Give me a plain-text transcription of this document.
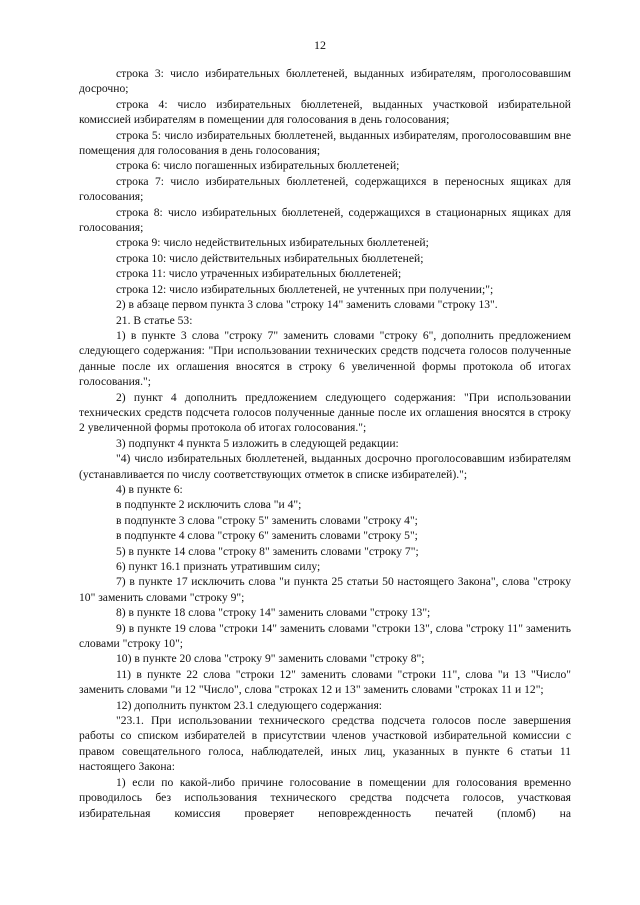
12

строка 3: число избирательных бюллетеней, выданных избирателям, проголосовавшим досрочно;

строка 4: число избирательных бюллетеней, выданных участковой избирательной комиссией избирателям в помещении для голосования в день голосования;

строка 5: число избирательных бюллетеней, выданных избирателям, проголосовавшим вне помещения для голосования в день голосования;

строка 6: число погашенных избирательных бюллетеней;

строка 7: число избирательных бюллетеней, содержащихся в переносных ящиках для голосования;

строка 8: число избирательных бюллетеней, содержащихся в стационарных ящиках для голосования;

строка 9: число недействительных избирательных бюллетеней;

строка 10: число действительных избирательных бюллетеней;

строка 11: число утраченных избирательных бюллетеней;

строка 12: число избирательных бюллетеней, не учтенных при получении;";

2) в абзаце первом пункта 3 слова "строку 14" заменить словами "строку 13".

21. В статье 53:

1) в пункте 3 слова "строку 7" заменить словами "строку 6", дополнить предложением следующего содержания: "При использовании технических средств подсчета голосов полученные данные после их оглашения вносятся в строку 6 увеличенной формы протокола об итогах голосования.";

2) пункт 4 дополнить предложением следующего содержания: "При использовании технических средств подсчета голосов полученные данные после их оглашения вносятся в строку 2 увеличенной формы протокола об итогах голосования.";

3) подпункт 4 пункта 5 изложить в следующей редакции:

"4) число избирательных бюллетеней, выданных досрочно проголосовавшим избирателям (устанавливается по числу соответствующих отметок в списке избирателей).";

4) в пункте 6:

в подпункте 2 исключить слова "и 4";

в подпункте 3 слова "строку 5" заменить словами "строку 4";

в подпункте 4 слова "строку 6" заменить словами "строку 5";

5) в пункте 14 слова "строку 8" заменить словами "строку 7";

6) пункт 16.1 признать утратившим силу;

7) в пункте 17 исключить слова "и пункта 25 статьи 50 настоящего Закона", слова "строку 10" заменить словами "строку 9";

8) в пункте 18 слова "строку 14" заменить словами "строку 13";

9) в пункте 19 слова "строки 14" заменить словами "строки 13", слова "строку 11" заменить словами "строку 10";

10) в пункте 20 слова "строку 9" заменить словами "строку 8";

11) в пункте 22 слова "строки 12" заменить словами "строки 11", слова "и 13 "Число" заменить словами "и 12 "Число", слова "строках 12 и 13" заменить словами "строках 11 и 12";

12) дополнить пунктом 23.1 следующего содержания:

"23.1. При использовании технического средства подсчета голосов после завершения работы со списком избирателей в присутствии членов участковой избирательной комиссии с правом совещательного голоса, наблюдателей, иных лиц, указанных в пункте 6 статьи 11 настоящего Закона:

1) если по какой-либо причине голосование в помещении для голосования временно проводилось без использования технического средства подсчета голосов, участковая избирательная комиссия проверяет неповрежденность печатей (пломб) на
